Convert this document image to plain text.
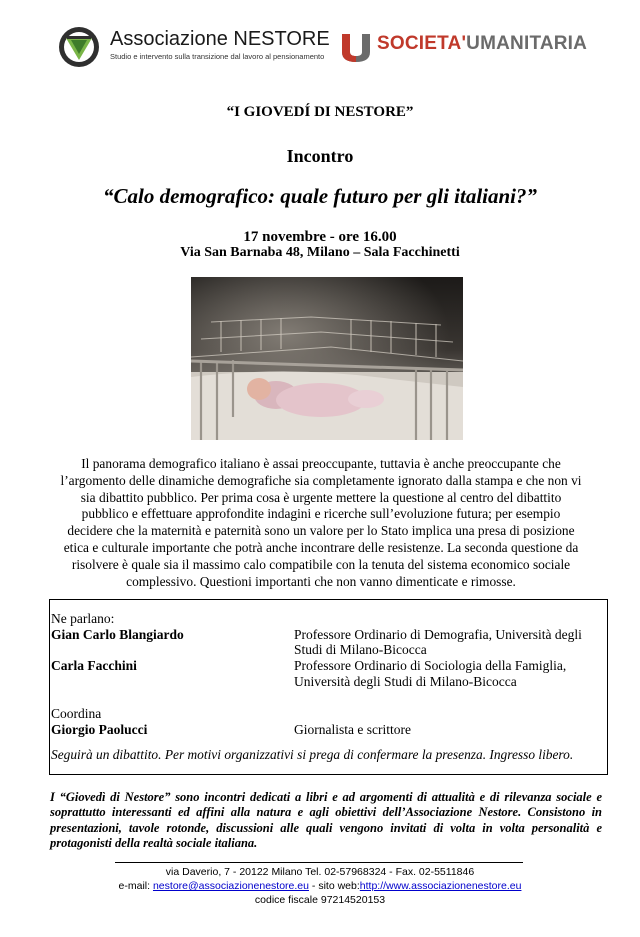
Associazione NESTORE
Studio e intervento sulla transizione dal lavoro al pensionamento
SOCIETA'UMANITARIA
“I GIOVEDÍ DI NESTORE”
Incontro
“Calo demografico: quale futuro per gli italiani?”
17 novembre - ore 16.00
Via San Barnaba 48, Milano – Sala Facchinetti
Il panorama demografico italiano è assai preoccupante, tuttavia è anche preoccupante che l’argomento delle dinamiche demografiche sia completamente ignorato dalla stampa e che non vi sia dibattito pubblico. Per prima cosa è urgente mettere la questione al centro del dibattito pubblico e effettuare approfondite indagini e ricerche sull’evoluzione futura; per esempio decidere che la maternità e paternità sono un valore per lo Stato implica una presa di posizione etica e culturale importante che potrà anche incontrare delle resistenze. La seconda questione da risolvere è quale sia il massimo calo compatibile con la tenuta del sistema economico sociale complessivo. Questioni importanti che non vanno dimenticate e rimosse.
Ne parlano:
Gian Carlo Blangiardo	Professore Ordinario di Demografia, Università degli
Studi di Milano-Bicocca
Carla Facchini	Professore Ordinario di Sociologia della Famiglia,
Università degli Studi di Milano-Bicocca
Coordina
Giorgio Paolucci	Giornalista e scrittore
Seguirà un dibattito. Per motivi organizzativi si prega di confermare la presenza. Ingresso libero.
I “Giovedì di Nestore” sono incontri dedicati a libri e ad argomenti di attualità e di rilevanza sociale e soprattutto interessanti ed affini alla natura e agli obiettivi dell’Associazione Nestore. Consistono in presentazioni, tavole rotonde, discussioni alle quali vengono invitati di volta in volta personalità e protagonisti della realtà sociale italiana.
via Daverio, 7 - 20122 Milano Tel. 02-57968324 - Fax. 02-5511846
e-mail: nestore@associazionenestore.eu - sito web:http://www.associazionenestore.eu
codice fiscale 97214520153
